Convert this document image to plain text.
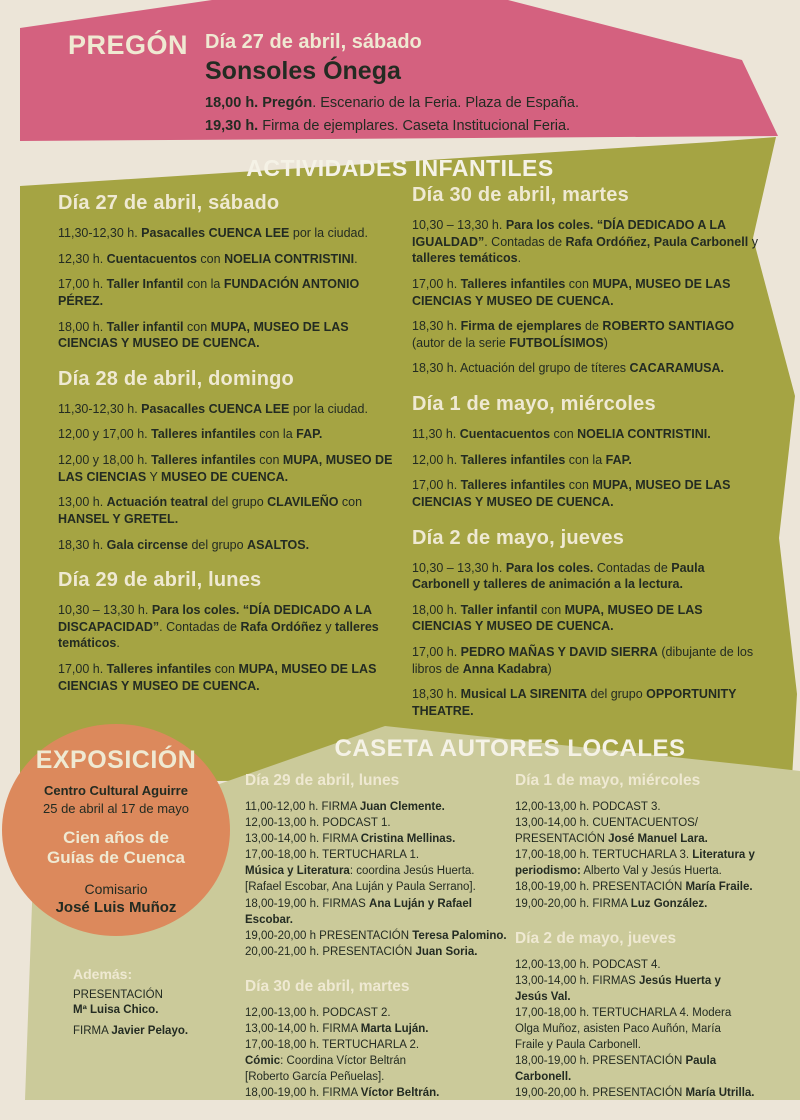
PREGÓN Día 27 de abril, sábado

Sonsoles Ónega

18,00 h. Pregón. Escenario de la Feria. Plaza de España.

19,30 h. Firma de ejemplares. Caseta Institucional Feria.

ACTIVIDADES INFANTILES
Día 27 de abril, sábado

11,30-12,30 h. Pasacalles CUENCA LEE por la ciudad.

12,30 h. Cuentacuentos con NOELIA CONTRISTINI.

17,00 h. Taller Infantil con la FUNDACIÓN ANTONIO PÉREZ.

18,00 h. Taller infantil con MUPA, MUSEO DE LAS CIENCIAS Y MUSEO DE CUENCA.

Día 28 de abril, domingo

11,30-12,30 h. Pasacalles CUENCA LEE por la ciudad.

12,00 y 17,00 h. Talleres infantiles con la FAP.

12,00 y 18,00 h. Talleres infantiles con MUPA, MUSEO DE LAS CIENCIAS Y MUSEO DE CUENCA.

13,00 h. Actuación teatral del grupo CLAVILEÑO con HANSEL Y GRETEL.

18,30 h. Gala circense del grupo ASALTOS.

Día 29 de abril, lunes

10,30 – 13,30 h. Para los coles. “DÍA DEDICADO A LA DISCAPACIDAD”. Contadas de Rafa Ordóñez y talleres temáticos.

17,00 h. Talleres infantiles con MUPA, MUSEO DE LAS CIENCIAS Y MUSEO DE CUENCA.

Día 30 de abril, martes

10,30 – 13,30 h. Para los coles. “DÍA DEDICADO A LA IGUALDAD”. Contadas de Rafa Ordóñez, Paula Carbonell y talleres temáticos.

17,00 h. Talleres infantiles con MUPA, MUSEO DE LAS CIENCIAS Y MUSEO DE CUENCA.

18,30 h. Firma de ejemplares de ROBERTO SANTIAGO (autor de la serie FUTBOLÍSIMOS)

18,30 h. Actuación del grupo de títeres CACARAMUSA.

Día 1 de mayo, miércoles

11,30 h. Cuentacuentos con NOELIA CONTRISTINI.

12,00 h. Talleres infantiles con la FAP.

17,00 h. Talleres infantiles con MUPA, MUSEO DE LAS CIENCIAS Y MUSEO DE CUENCA.

Día 2 de mayo, jueves

10,30 – 13,30 h. Para los coles. Contadas de Paula Carbonell y talleres de animación a la lectura.

18,00 h. Taller infantil con MUPA, MUSEO DE LAS CIENCIAS Y MUSEO DE CUENCA.

17,00 h. PEDRO MAÑAS Y DAVID SIERRA (dibujante de los libros de Anna Kadabra)

18,30 h. Musical LA SIRENITA del grupo OPPORTUNITY THEATRE.

EXPOSICIÓN

Centro Cultural Aguirre

25 de abril al 17 de mayo

Cien años de
Guías de Cuenca

Comisario

José Luis Muñoz

Además:

PRESENTACIÓN

Mª Luisa Chico.

FIRMA Javier Pelayo.

CASETA AUTORES LOCALES
Día 29 de abril, lunes

11,00-12,00 h. FIRMA Juan Clemente.

12,00-13,00 h. PODCAST 1.

13,00-14,00 h. FIRMA Cristina Mellinas.

17,00-18,00 h. TERTUCHARLA 1.

Música y Literatura: coordina Jesús Huerta.

[Rafael Escobar, Ana Luján y Paula Serrano].

18,00-19,00 h. FIRMAS Ana Luján y Rafael

Escobar.

19,00-20,00 h PRESENTACIÓN Teresa Palomino.

20,00-21,00 h. PRESENTACIÓN Juan Soria.

Día 30 de abril, martes

12,00-13,00 h. PODCAST 2.

13,00-14,00 h. FIRMA Marta Luján.

17,00-18,00 h. TERTUCHARLA 2.

Cómic: Coordina Víctor Beltrán

[Roberto García Peñuelas].

18,00-19,00 h. FIRMA Víctor Beltrán.

Día 1 de mayo, miércoles

12,00-13,00 h. PODCAST 3.

13,00-14,00 h. CUENTACUENTOS/

PRESENTACIÓN José Manuel Lara.

17,00-18,00 h. TERTUCHARLA 3. Literatura y

periodismo: Alberto Val y Jesús Huerta.

18,00-19,00 h. PRESENTACIÓN María Fraile.

19,00-20,00 h. FIRMA Luz González.

Día 2 de mayo, jueves

12,00-13,00 h. PODCAST 4.

13,00-14,00 h. FIRMAS Jesús Huerta y

Jesús Val.

17,00-18,00 h. TERTUCHARLA 4. Modera

Olga Muñoz, asisten Paco Auñón, María

Fraile y Paula Carbonell.

18,00-19,00 h. PRESENTACIÓN Paula

Carbonell.

19,00-20,00 h. PRESENTACIÓN María Utrilla.
